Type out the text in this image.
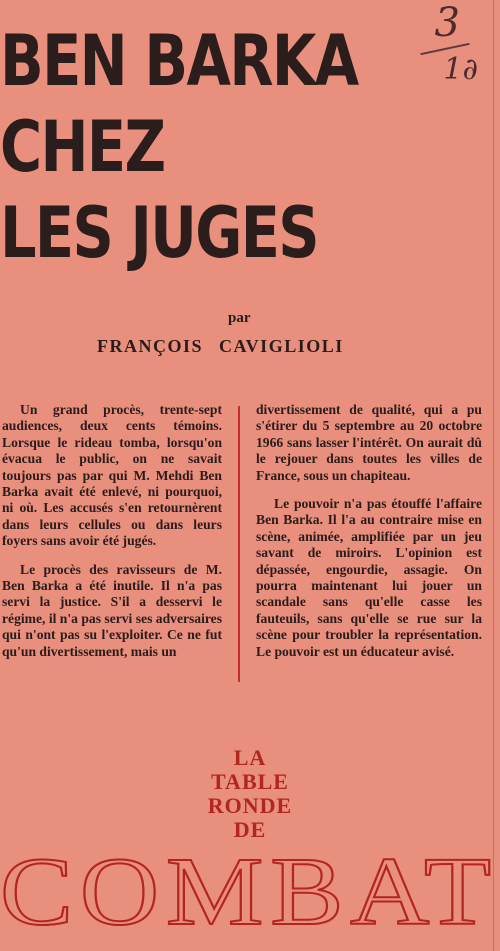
BEN BARKA
CHEZ
LES JUGES
3
1∂
par
FRANÇOIS CAVIGLIOLI

Un grand procès, trente-sept audiences, deux cents témoins. Lorsque le rideau tomba, lorsqu'on évacua le public, on ne savait toujours pas par qui M. Mehdi Ben Barka avait été enlevé, ni pourquoi, ni où. Les accusés s'en retournèrent dans leurs cellules ou dans leurs foyers sans avoir été jugés.

Le procès des ravisseurs de M. Ben Barka a été inutile. Il n'a pas servi la justice. S'il a desservi le régime, il n'a pas servi ses adversaires qui n'ont pas su l'exploiter. Ce ne fut qu'un divertissement, mais un

divertissement de qualité, qui a pu s'étirer du 5 septembre au 20 octobre 1966 sans lasser l'intérêt. On aurait dû le rejouer dans toutes les villes de France, sous un chapiteau.

Le pouvoir n'a pas étouffé l'affaire Ben Barka. Il l'a au contraire mise en scène, animée, amplifiée par un jeu savant de miroirs. L'opinion est dépassée, engourdie, assagie. On pourra maintenant lui jouer un scandale sans qu'elle casse les fauteuils, sans qu'elle se rue sur la scène pour troubler la représentation. Le pouvoir est un éducateur avisé.

LA
TABLE
RONDE
DE
COMBAT
